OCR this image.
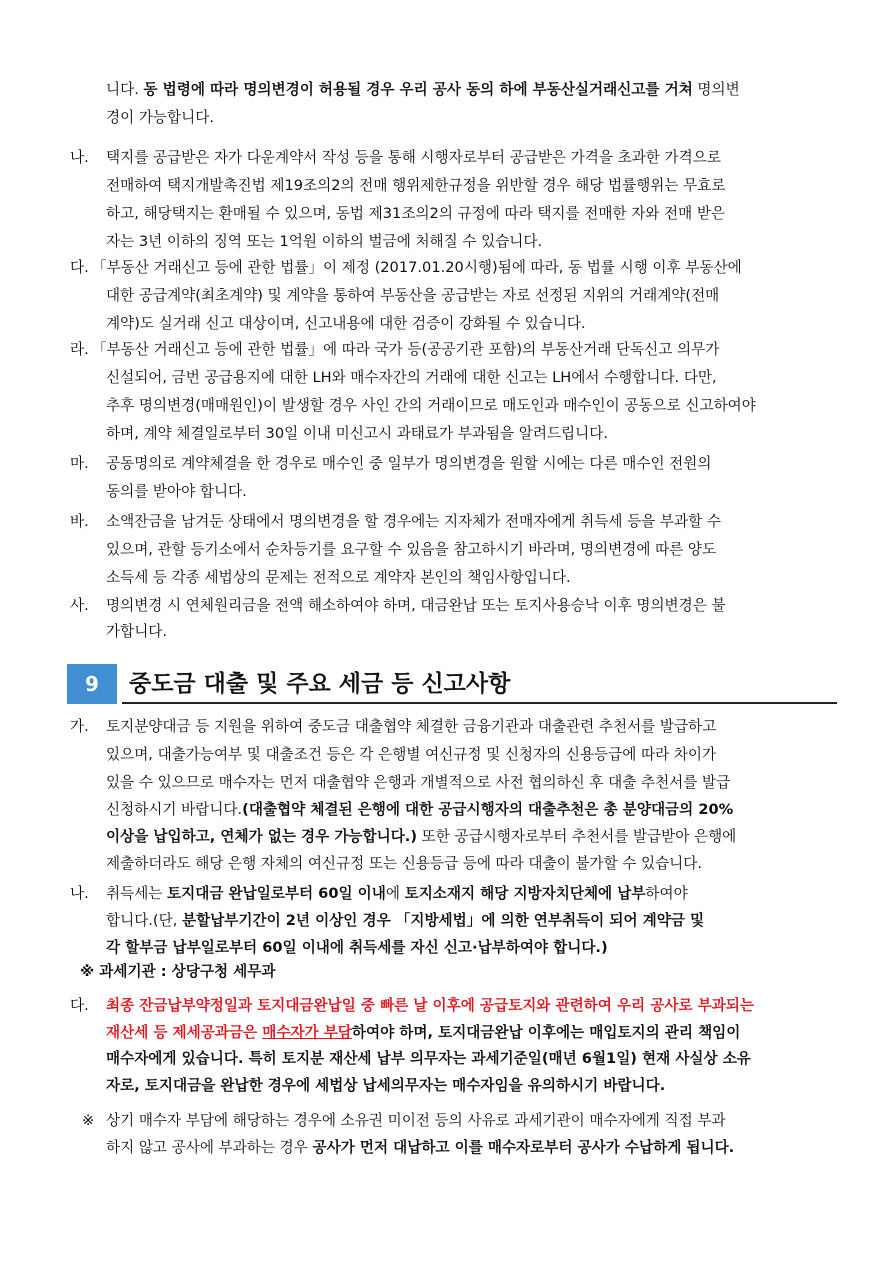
니다. 동 법령에 따라 명의변경이 허용될 경우 우리 공사 동의 하에 부동산실거래신고를 거쳐 명의변
경이 가능합니다.
나. 택지를 공급받은 자가 다운계약서 작성 등을 통해 시행자로부터 공급받은 가격을 초과한 가격으로
전매하여 택지개발촉진법 제19조의2의 전매 행위제한규정을 위반할 경우 해당 법률행위는 무효로
하고, 해당택지는 환매될 수 있으며, 동법 제31조의2의 규정에 따라 택지를 전매한 자와 전매 받은
자는 3년 이하의 징역 또는 1억원 이하의 벌금에 처해질 수 있습니다.
다. 「부동산 거래신고 등에 관한 법률」이 제정 (2017.01.20시행)됨에 따라, 동 법률 시행 이후 부동산에
대한 공급계약(최초계약) 및 계약을 통하여 부동산을 공급받는 자로 선정된 지위의 거래계약(전매
계약)도 실거래 신고 대상이며, 신고내용에 대한 검증이 강화될 수 있습니다.
라. 「부동산 거래신고 등에 관한 법률」에 따라 국가 등(공공기관 포함)의 부동산거래 단독신고 의무가
신설되어, 금번 공급용지에 대한 LH와 매수자간의 거래에 대한 신고는 LH에서 수행합니다. 다만,
추후 명의변경(매매원인)이 발생할 경우 사인 간의 거래이므로 매도인과 매수인이 공동으로 신고하여야
하며, 계약 체결일로부터 30일 이내 미신고시 과태료가 부과됨을 알려드립니다.
마. 공동명의로 계약체결을 한 경우로 매수인 중 일부가 명의변경을 원할 시에는 다른 매수인 전원의
동의를 받아야 합니다.
바. 소액잔금을 남겨둔 상태에서 명의변경을 할 경우에는 지자체가 전매자에게 취득세 등을 부과할 수
있으며, 관할 등기소에서 순차등기를 요구할 수 있음을 참고하시기 바라며, 명의변경에 따른 양도
소득세 등 각종 세법상의 문제는 전적으로 계약자 본인의 책임사항입니다.
사. 명의변경 시 연체원리금을 전액 해소하여야 하며, 대금완납 또는 토지사용승낙 이후 명의변경은 불
가합니다.
9	중도금 대출 및 주요 세금 등 신고사항
가. 토지분양대금 등 지원을 위하여 중도금 대출협약 체결한 금융기관과 대출관련 추천서를 발급하고
있으며, 대출가능여부 및 대출조건 등은 각 은행별 여신규정 및 신청자의 신용등급에 따라 차이가
있을 수 있으므로 매수자는 먼저 대출협약 은행과 개별적으로 사전 협의하신 후 대출 추천서를 발급
신청하시기 바랍니다.(대출협약 체결된 은행에 대한 공급시행자의 대출추천은 총 분양대금의 20%
이상을 납입하고, 연체가 없는 경우 가능합니다.) 또한 공급시행자로부터 추천서를 발급받아 은행에
제출하더라도 해당 은행 자체의 여신규정 또는 신용등급 등에 따라 대출이 불가할 수 있습니다.
나. 취득세는 토지대금 완납일로부터 60일 이내에 토지소재지 해당 지방자치단체에 납부하여야
합니다.(단, 분할납부기간이 2년 이상인 경우 「지방세법」에 의한 연부취득이 되어 계약금 및
각 할부금 납부일로부터 60일 이내에 취득세를 자신 신고·납부하여야 합니다.)
※ 과세기관 : 상당구청 세무과
다. 최종 잔금납부약정일과 토지대금완납일 중 빠른 날 이후에 공급토지와 관련하여 우리 공사로 부과되는
재산세 등 제세공과금은 매수자가 부담하여야 하며, 토지대금완납 이후에는 매입토지의 관리 책임이
매수자에게 있습니다. 특히 토지분 재산세 납부 의무자는 과세기준일(매년 6월1일) 현재 사실상 소유
자로, 토지대금을 완납한 경우에 세법상 납세의무자는 매수자임을 유의하시기 바랍니다.
※ 상기 매수자 부담에 해당하는 경우에 소유권 미이전 등의 사유로 과세기관이 매수자에게 직접 부과
하지 않고 공사에 부과하는 경우 공사가 먼저 대납하고 이를 매수자로부터 공사가 수납하게 됩니다.
